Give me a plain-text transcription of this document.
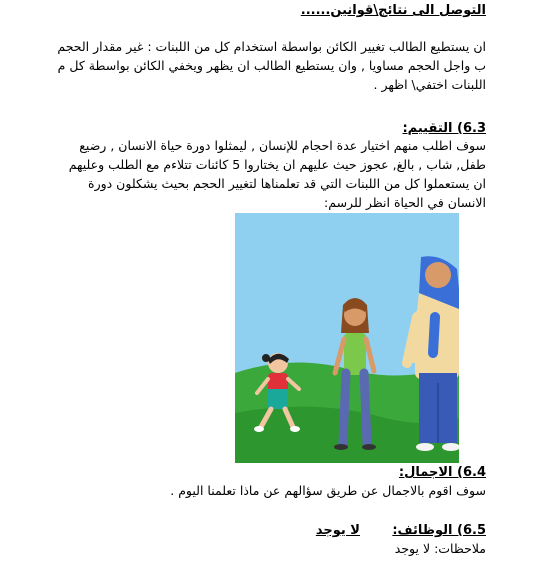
التوصل الى نتائج\قوانين......
ان يستطيع الطالب تغيير الكائن بواسطة استخدام كل من اللبنات : غير مقدار الحجم
ب واجل الحجم مساويا , وان يستطيع الطالب ان يظهر ويخفي الكائن بواسطة كل م
اللبنات اختفي\ اظهر .
6.3) التقييم:
سوف اطلب منهم اختيار عدة احجام للإنسان , ليمثلوا دورة حياة الانسان , رضيع
طفل, شاب , بالغ, عجوز حيث عليهم ان يختاروا 5 كائنات تتلاءم مع الطلب وعليهم
ان يستعملوا كل من اللبنات التي قد تعلمناها لتغيير الحجم بحيث يشكلون دورة
الانسان في الحياة انظر للرسم:
6.4) الاجمال:
سوف اقوم بالاجمال عن طريق سؤالهم عن ماذا تعلمنا اليوم .
6.5) الوظائف:
لا يوجد
ملاحظات: لا يوجد
